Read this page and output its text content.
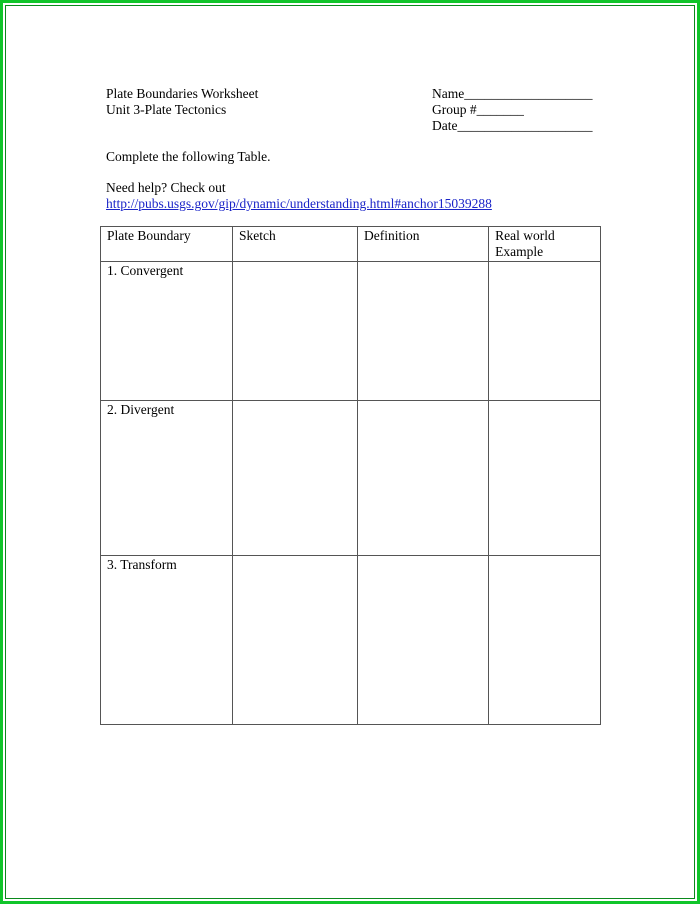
Plate Boundaries Worksheet
Unit 3-Plate Tectonics
Name___________________
Group #_______
Date____________________
Complete the following Table.
Need help? Check out
http://pubs.usgs.gov/gip/dynamic/understanding.html#anchor15039288
Plate Boundary	Sketch	Definition	Real world Example
1. Convergent			
2. Divergent			
3. Transform			
